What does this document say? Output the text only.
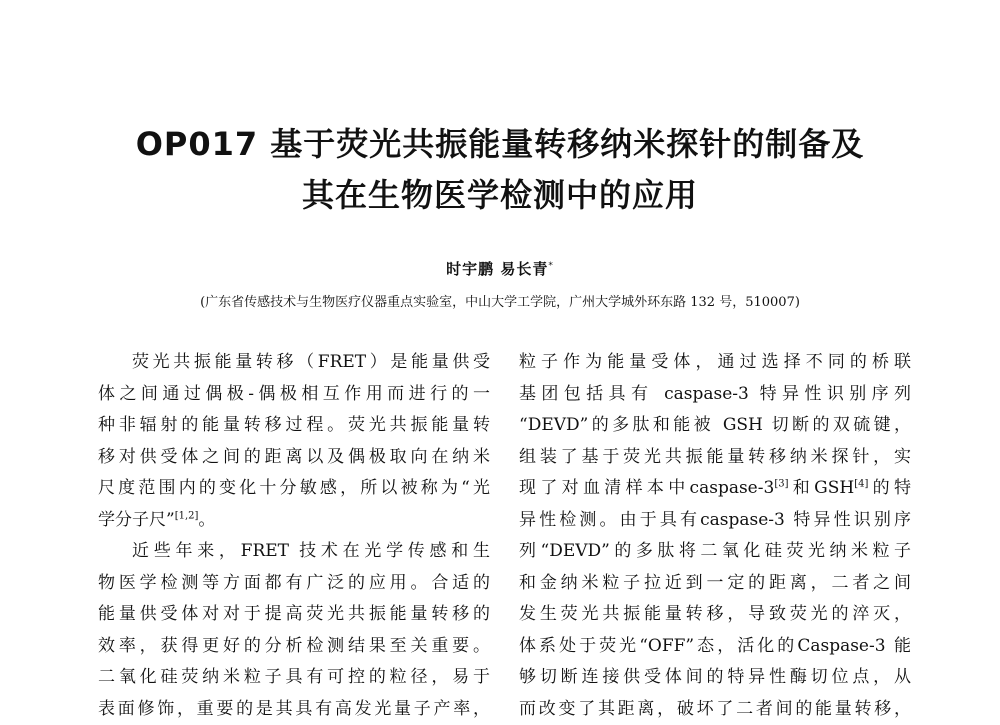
OP017 基于荧光共振能量转移纳米探针的制备及
其在生物医学检测中的应用
时宇鹏 易长青*
(广东省传感技术与生物医疗仪器重点实验室，中山大学工学院，广州大学城外环东路 132 号，510007)
荧光共振能量转移（FRET）是能量供受
体之间通过偶极-偶极相互作用而进行的一
种非辐射的能量转移过程。荧光共振能量转
移对供受体之间的距离以及偶极取向在纳米
尺度范围内的变化十分敏感，所以被称为“光
学分子尺”[1,2]。
近些年来，FRET 技术在光学传感和生
物医学检测等方面都有广泛的应用。合适的
能量供受体对对于提高荧光共振能量转移的
效率，获得更好的分析检测结果至关重要。
二氧化硅荧纳米粒子具有可控的粒径，易于
表面修饰，重要的是其具有高发光量子产率，
粒子作为能量受体，通过选择不同的桥联
基团包括具有 caspase-3 特异性识别序列
“DEVD”的多肽和能被 GSH 切断的双硫键，
组装了基于荧光共振能量转移纳米探针，实
现了对血清样本中caspase-3[3]和GSH[4]的特
异性检测。由于具有caspase-3 特异性识别序
列“DEVD”的多肽将二氧化硅荧光纳米粒子
和金纳米粒子拉近到一定的距离，二者之间
发生荧光共振能量转移，导致荧光的淬灭，
体系处于荧光“OFF”态，活化的Caspase-3 能
够切断连接供受体间的特异性酶切位点，从
而改变了其距离，破坏了二者间的能量转移，
